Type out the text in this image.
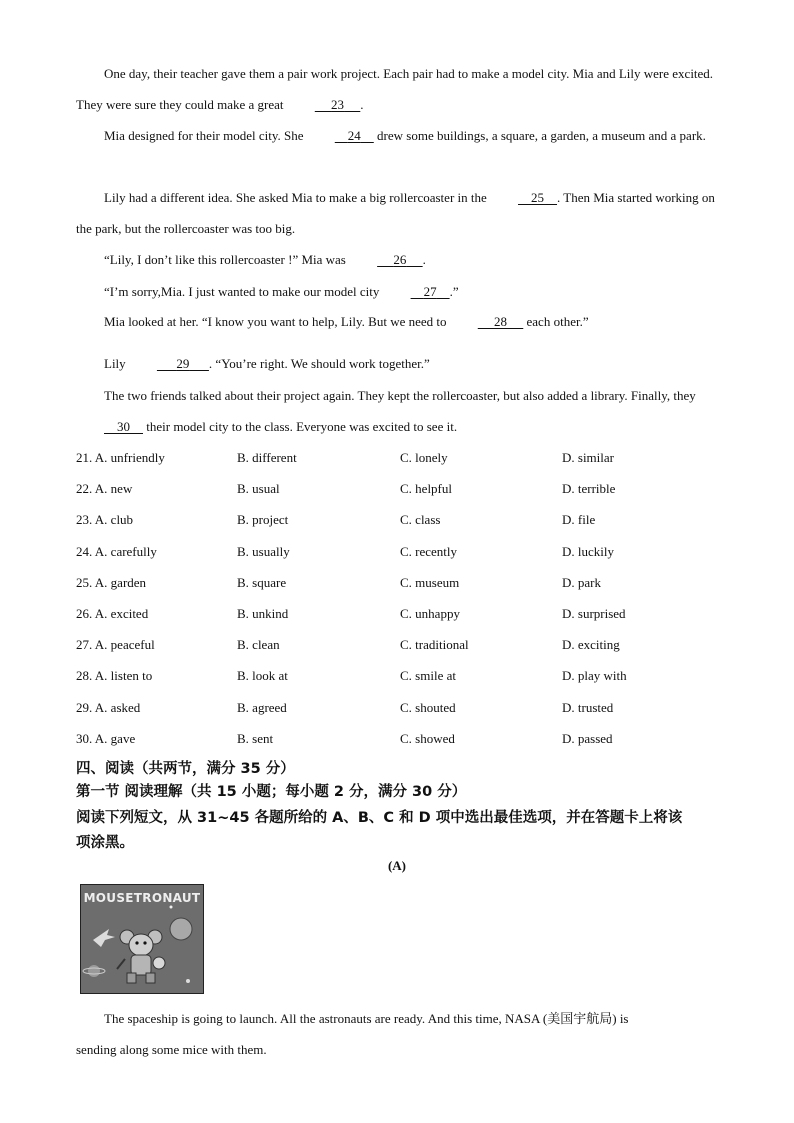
One day, their teacher gave them a pair work project. Each pair had to make a model city. Mia and Lily were excited. They were sure they could make a great	23 .
Mia designed for their model city. She	24     drew some buildings, a square, a garden, a museum and a park.
Lily had a different idea. She asked Mia to make a big rollercoaster in the	25 . Then Mia started working on the park, but the rollercoaster was too big.
“Lily, I don’t like this rollercoaster !” Mia was	26 .
“I’m sorry,Mia. I just wanted to make our model city	27 .”
Mia looked at her. “I know you want to help, Lily. But we need to	28      each other.”
Lily	29 . “You’re right. We should work together.”
The two friends talked about their project again. They kept the rollercoaster, but also added a library. Finally, they     30     their model city to the class. Everyone was excited to see it.
21. A. unfriendly	B. different	C. lonely	D. similar
22. A. new	B. usual	C. helpful	D. terrible
23. A. club	B. project	C. class	D. file
24. A. carefully	B. usually	C. recently	D. luckily
25. A. garden	B. square	C. museum	D. park
26. A. excited	B. unkind	C. unhappy	D. surprised
27. A. peaceful	B. clean	C. traditional	D. exciting
28. A. listen to	B. look at	C. smile at	D. play with
29. A. asked	B. agreed	C. shouted	D. trusted
30. A. gave	B. sent	C. showed	D. passed
四、阅读（共两节，满分 35 分）
第一节 阅读理解（共 15 小题；每小题 2 分，满分 30 分）
阅读下列短文，从 31~45 各题所给的 A、B、C 和 D 项中选出最佳选项，并在答题卡上将该
项涂黑。
(A)
MOUSETRONAUT
The spaceship is going to launch. All the astronauts are ready. And this time, NASA (美国宇航局) is
sending along some mice with them.
